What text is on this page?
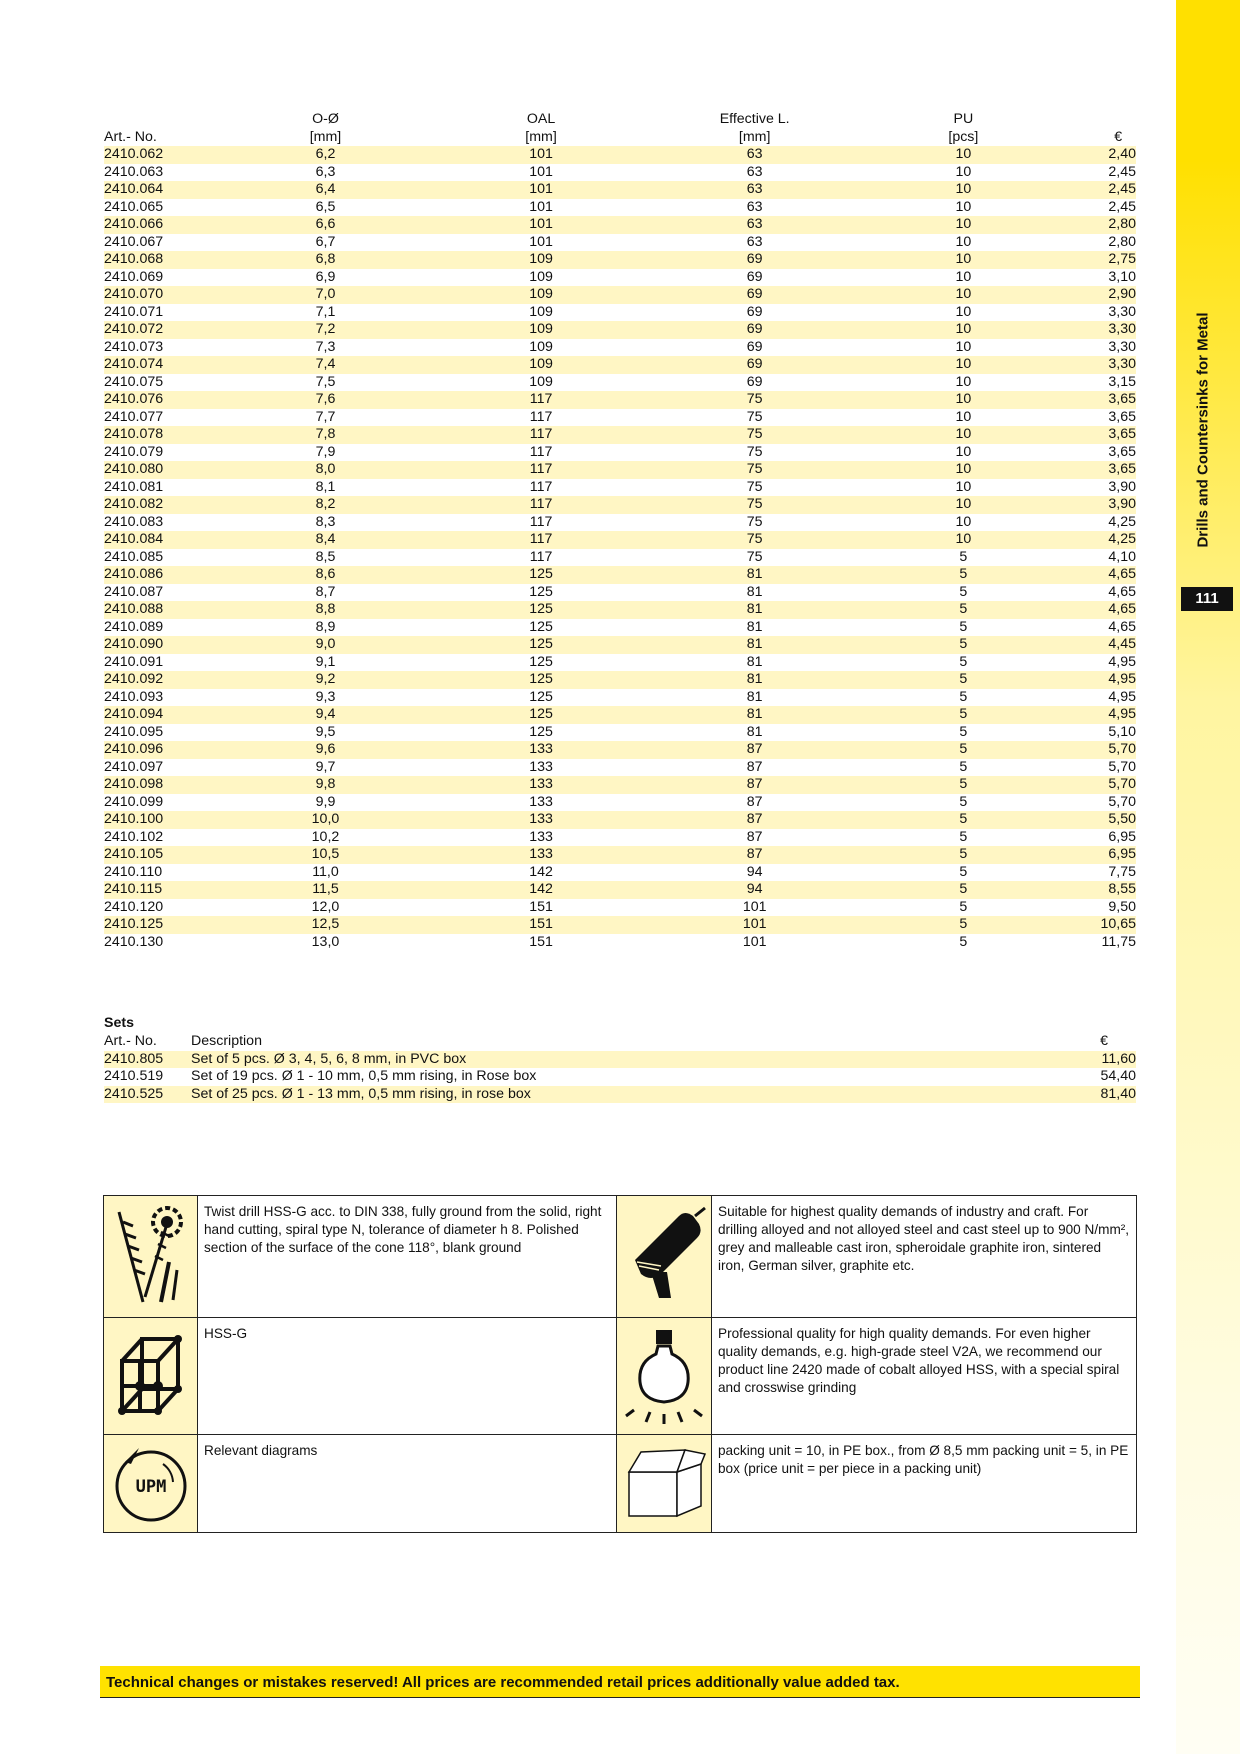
Drills and Countersinks for Metal
111
	O-Ø	OAL	Effective L.	PU	
Art.- No.	[mm]	[mm]	[mm]	[pcs]	€
2410.062	6,2	101	63	10	2,40
2410.063	6,3	101	63	10	2,45
2410.064	6,4	101	63	10	2,45
2410.065	6,5	101	63	10	2,45
2410.066	6,6	101	63	10	2,80
2410.067	6,7	101	63	10	2,80
2410.068	6,8	109	69	10	2,75
2410.069	6,9	109	69	10	3,10
2410.070	7,0	109	69	10	2,90
2410.071	7,1	109	69	10	3,30
2410.072	7,2	109	69	10	3,30
2410.073	7,3	109	69	10	3,30
2410.074	7,4	109	69	10	3,30
2410.075	7,5	109	69	10	3,15
2410.076	7,6	117	75	10	3,65
2410.077	7,7	117	75	10	3,65
2410.078	7,8	117	75	10	3,65
2410.079	7,9	117	75	10	3,65
2410.080	8,0	117	75	10	3,65
2410.081	8,1	117	75	10	3,90
2410.082	8,2	117	75	10	3,90
2410.083	8,3	117	75	10	4,25
2410.084	8,4	117	75	10	4,25
2410.085	8,5	117	75	5	4,10
2410.086	8,6	125	81	5	4,65
2410.087	8,7	125	81	5	4,65
2410.088	8,8	125	81	5	4,65
2410.089	8,9	125	81	5	4,65
2410.090	9,0	125	81	5	4,45
2410.091	9,1	125	81	5	4,95
2410.092	9,2	125	81	5	4,95
2410.093	9,3	125	81	5	4,95
2410.094	9,4	125	81	5	4,95
2410.095	9,5	125	81	5	5,10
2410.096	9,6	133	87	5	5,70
2410.097	9,7	133	87	5	5,70
2410.098	9,8	133	87	5	5,70
2410.099	9,9	133	87	5	5,70
2410.100	10,0	133	87	5	5,50
2410.102	10,2	133	87	5	6,95
2410.105	10,5	133	87	5	6,95
2410.110	11,0	142	94	5	7,75
2410.115	11,5	142	94	5	8,55
2410.120	12,0	151	101	5	9,50
2410.125	12,5	151	101	5	10,65
2410.130	13,0	151	101	5	11,75
Sets
Art.- No.	Description	€
2410.805	Set of 5 pcs. Ø 3, 4, 5, 6, 8 mm, in PVC box	11,60
2410.519	Set of 19 pcs. Ø 1 - 10 mm, 0,5 mm rising, in Rose box	54,40
2410.525	Set of 25 pcs. Ø 1 - 13 mm, 0,5 mm rising, in rose box	81,40
Twist drill HSS-G acc. to DIN 338, fully ground from the solid, right hand cutting, spiral type N, tolerance of diameter h 8. Polished section of the surface of the cone 118°, blank ground
Suitable for highest quality demands of industry and craft. For drilling alloyed and not alloyed steel and cast steel up to 900 N/mm², grey and malleable cast iron, spheroidale graphite iron, sintered iron, German silver, graphite etc.
HSS-G	Professional quality for high quality demands. For even higher quality demands, e.g. high-grade steel V2A, we recommend our product line 2420 made of cobalt alloyed HSS, with a special spiral and crosswise grinding
UPM
Relevant diagrams	packing unit = 10, in PE box., from Ø 8,5 mm packing unit = 5, in PE box (price unit = per piece in a packing unit)
Technical changes or mistakes reserved! All prices are recommended retail prices additionally value added tax.
